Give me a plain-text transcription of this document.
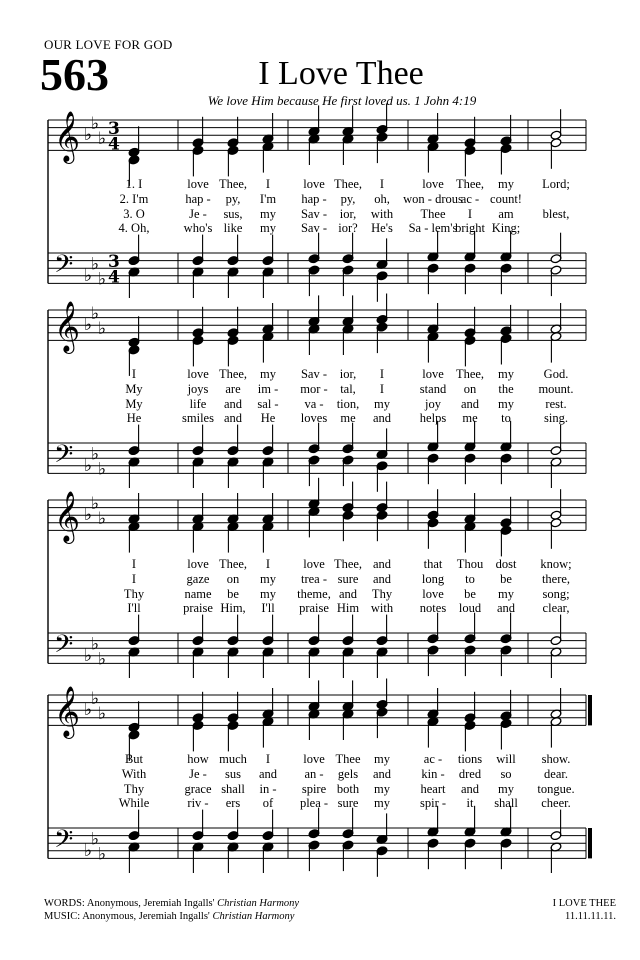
OUR LOVE FOR GOD
563	I Love Thee
We love Him because He first loved us. 1 John 4:19
𝄞
𝄢
♭
♭
♭
♭
♭
♭
3
4
3
4
𝄞
𝄢
♭
♭
♭
♭
♭
♭
𝄞
𝄢
♭
♭
♭
♭
♭
♭
𝄞
𝄢
♭
♭
♭
♭
♭
♭
1. I	love Thee, I	love Thee, I	love Thee, my Lord;
2. I'm	hap - py, I'm hap - py, oh, won - drous
ac - count!
3. O	Je - sus, my Sav - ior, with Thee I am blest,
4. Oh,	who's like my Sav - ior? He's Sa - lem's
bright King;
I	love Thee, my Sav - ior, I	love Thee, my God.
My	joys are im - mor - tal, I	stand on the mount.
My	life and sal - va - tion, my	joy and my	rest.
He	smiles and He loves me and helps me to	sing.
I	love Thee, I	love Thee, and	that Thou dost know;
I	gaze on my trea - sure and long to be there,
Thy	name be my theme, and Thy love be my song;
I'll	praise Him, I'll praise Him with notes loud and clear,
But	how much I	love Thee my	ac - tions will show.
With	Je - sus and an - gels and kin - dred so	dear.
Thy	grace shall in - spire both my heart and my tongue.
While	riv - ers of plea - sure my spir - it shall cheer.
WORDS: Anonymous, Jeremiah Ingalls' Christian Harmony
MUSIC: Anonymous, Jeremiah Ingalls' Christian Harmony
I LOVE THEE
11.11.11.11.
